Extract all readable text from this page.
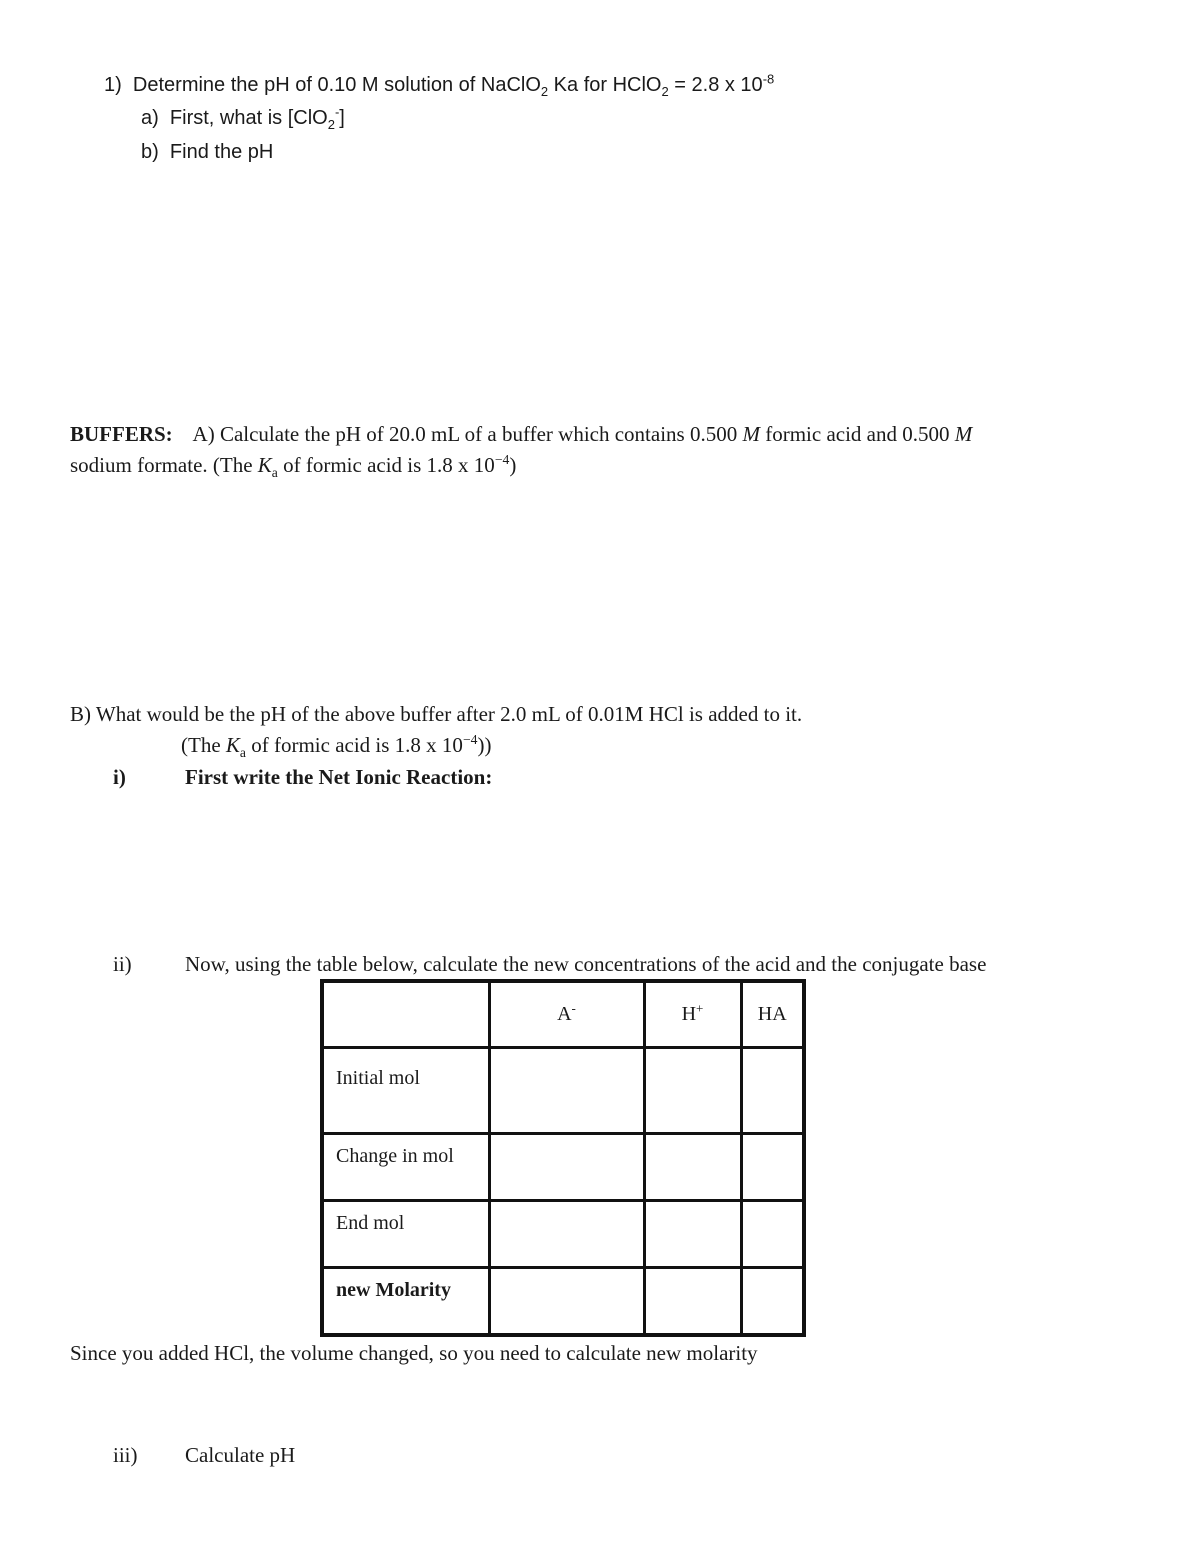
1) Determine the pH of 0.10 M solution of NaClO$_2$ Ka for HClO$_2$ = 2.8 x $10^{-8}$
a) First, what is [ClO$_2$-]
b) Find the pH
BUFFERS: A) Calculate the pH of 20.0 mL of a buffer which contains 0.500 M formic acid and 0.500 M
sodium formate. (The $K_a$ of formic acid is 1.8 x $10^{-4}$)
B) What would be the pH of the above buffer after 2.0 mL of 0.01M HCl is added to it.
(The $K_a$ of formic acid is 1.8 x $10^{-4}$))
i)	First write the Net Ionic Reaction:
ii)	Now, using the table below, calculate the new concentrations of the acid and the conjugate base
	A-	H+	HA
Initial mol			
Change in mol			
End mol			
new Molarity			
Since you added HCl, the volume changed, so you need to calculate new molarity
iii) Calculate pH
